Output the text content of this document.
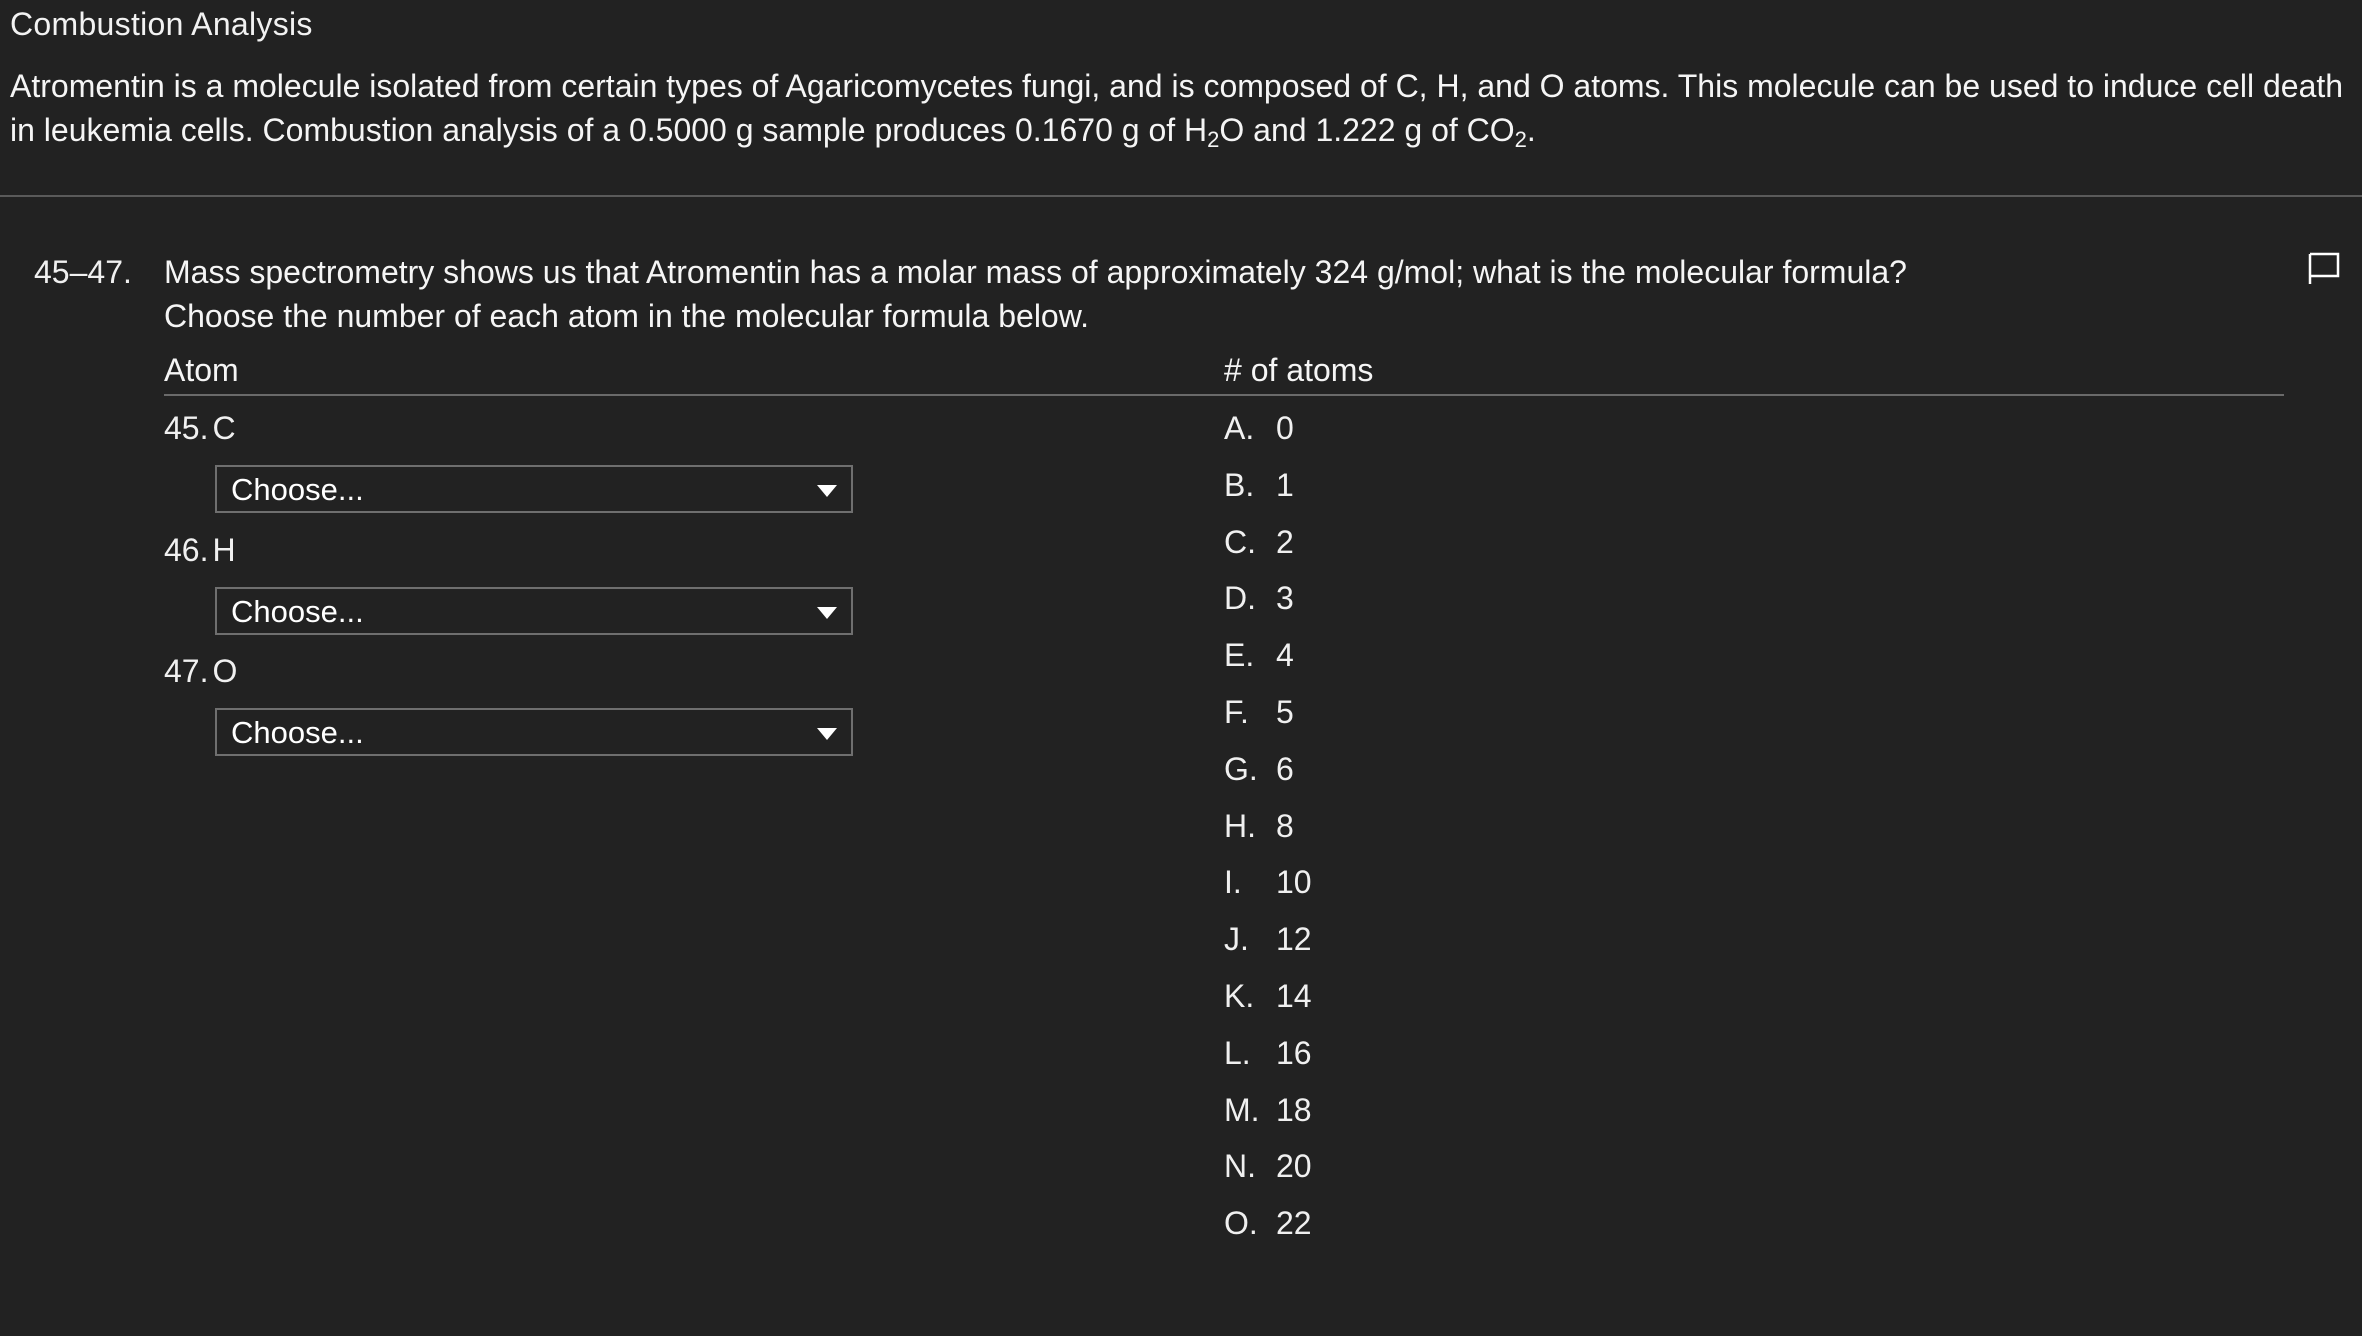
Combustion Analysis
Atromentin is a molecule isolated from certain types of Agaricomycetes fungi, and is composed of C, H, and O atoms. This molecule can be used to induce cell death in leukemia cells. Combustion analysis of a 0.5000 g sample produces 0.1670 g of $H_2O$ and 1.222 g of $CO_2$.
45–47. Mass spectrometry shows us that Atromentin has a molar mass of approximately 324 g/mol; what is the molecular formula?
Choose the number of each atom in the molecular formula below.
Atom	# of atoms
45. C
Choose...
46. H
Choose...
47. O
Choose...
A. 0
B. 1
C. 2
D. 3
E. 4
F. 5
G. 6
H. 8
I. 10
J. 12
K. 14
L. 16
M. 18
N. 20
O. 22
